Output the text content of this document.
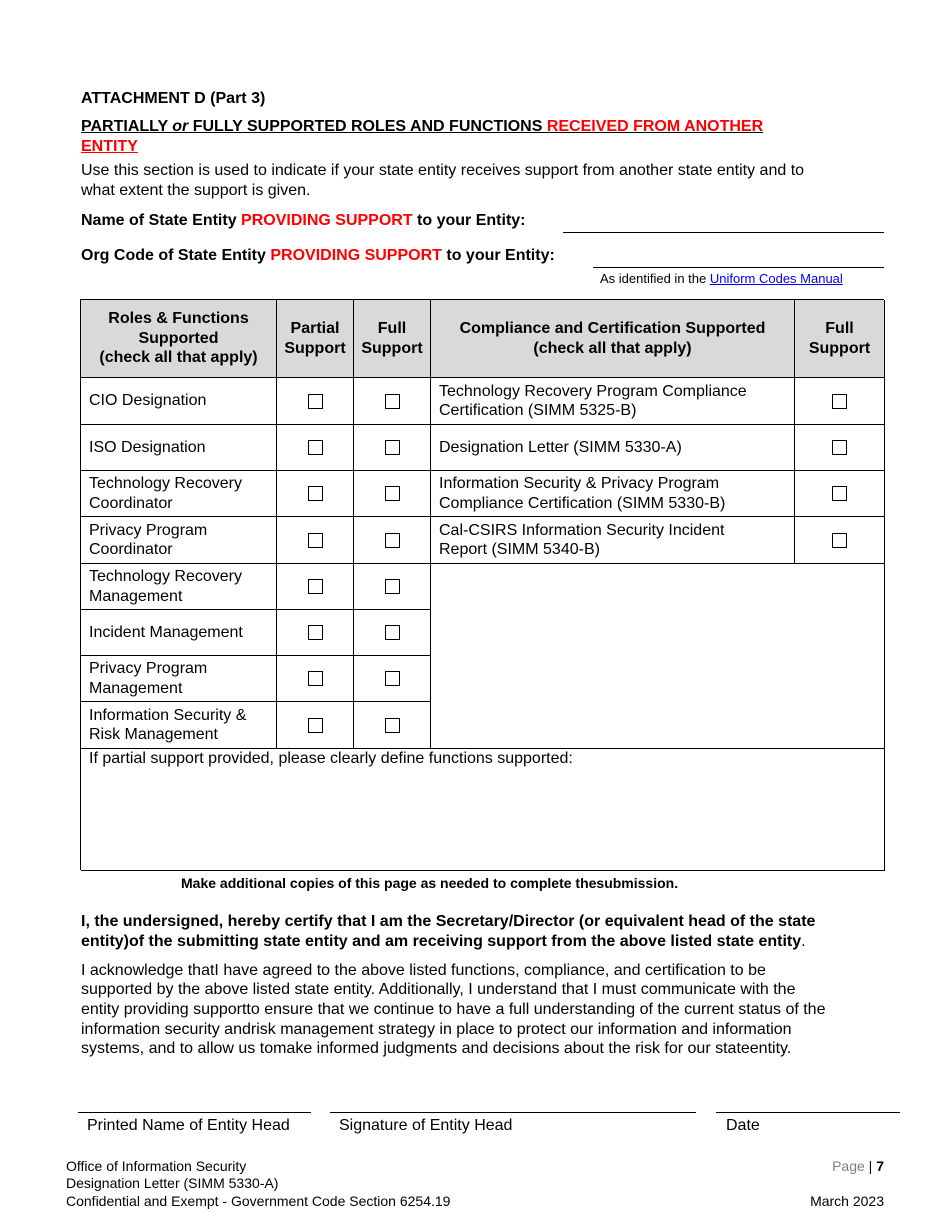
ATTACHMENT D (Part 3)
PARTIALLY or FULLY SUPPORTED ROLES AND FUNCTIONS RECEIVED FROM ANOTHER
ENTITY
Use this section is used to indicate if your state entity receives support from another state entity and to
what extent the support is given.
Name of State Entity PROVIDING SUPPORT to your Entity:
Org Code of State Entity PROVIDING SUPPORT to your Entity:
As identified in the Uniform Codes Manual
Roles & Functions
Supported
(check all that apply)
Partial
Support
Full
Support
Compliance and Certification Supported
(check all that apply)
Full
Support
CIO Designation
ISO Designation
Technology Recovery
Coordinator
Privacy Program
Coordinator
Technology Recovery
Management
Incident Management
Privacy Program
Management
Information Security &
Risk Management
Technology Recovery Program Compliance
Certification (SIMM 5325-B)
Designation Letter (SIMM 5330-A)
Information Security & Privacy Program
Compliance Certification (SIMM 5330-B)
Cal-CSIRS Information Security Incident
Report (SIMM 5340-B)
If partial support provided, please clearly define functions supported:
Make additional copies of this page as needed to complete thesubmission.
I, the undersigned, hereby certify that I am the Secretary/Director (or equivalent head of the state
entity)of the submitting state entity and am receiving support from the above listed state entity.
I acknowledge thatI have agreed to the above listed functions, compliance, and certification to be
supported by the above listed state entity. Additionally, I understand that I must communicate with the
entity providing supportto ensure that we continue to have a full understanding of the current status of the
information security andrisk management strategy in place to protect our information and information
systems, and to allow us tomake informed judgments and decisions about the risk for our stateentity.
Printed Name of Entity Head	Signature of Entity Head	Date
Office of Information Security
Designation Letter (SIMM 5330-A)
Confidential and Exempt - Government Code Section 6254.19
Page | 7
March 2023
